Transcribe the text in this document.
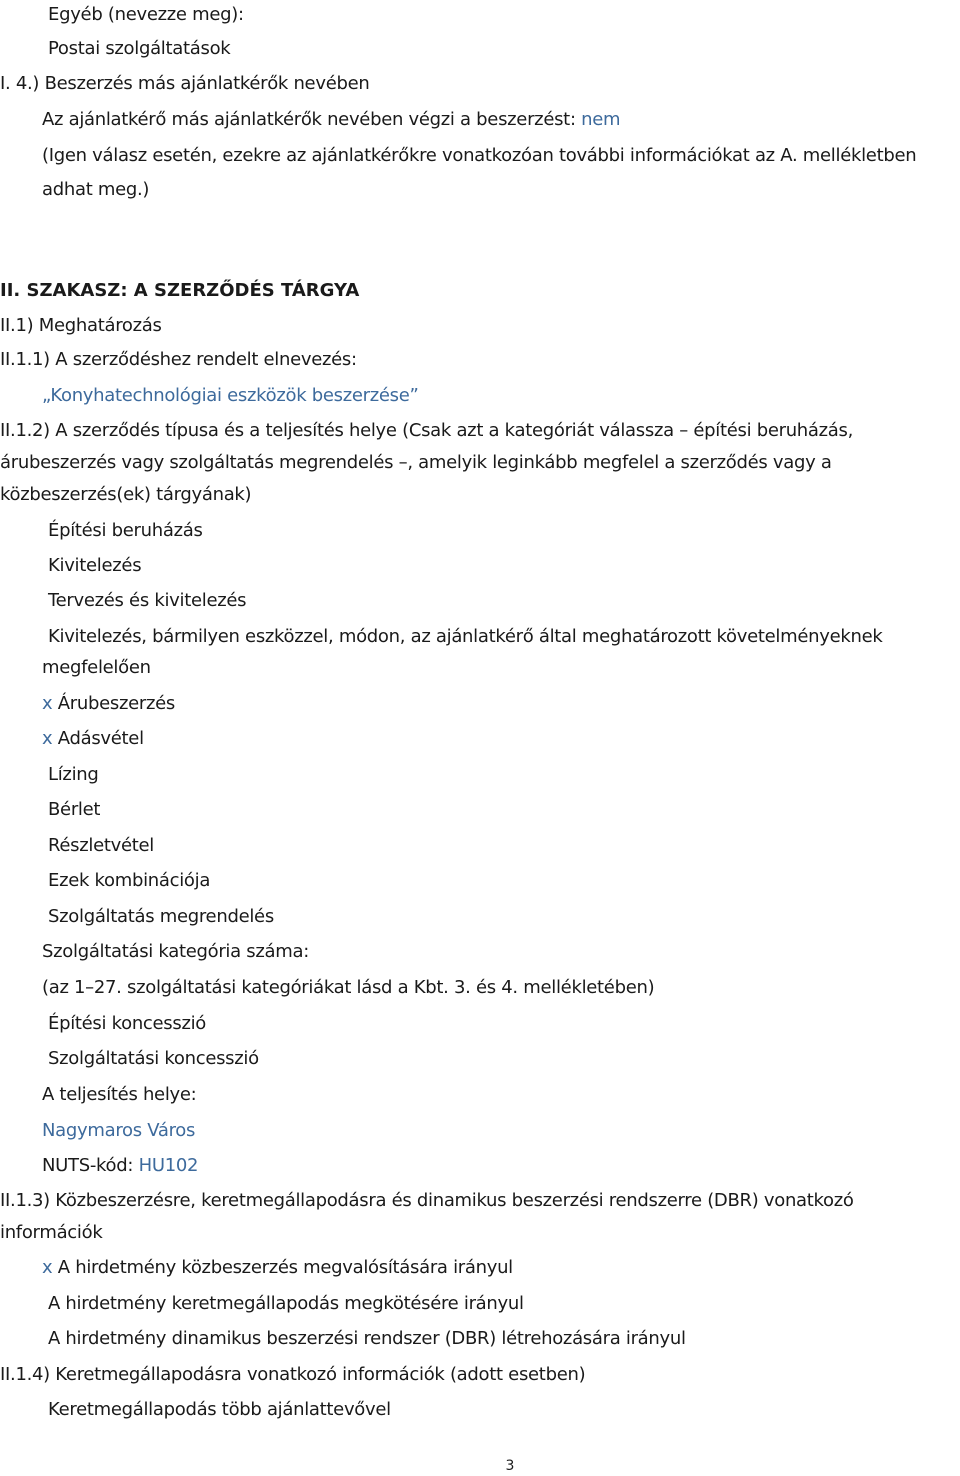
Egyéb (nevezze meg):
Postai szolgáltatások
I. 4.) Beszerzés más ajánlatkérők nevében
Az ajánlatkérő más ajánlatkérők nevében végzi a beszerzést: nem
(Igen válasz esetén, ezekre az ajánlatkérőkre vonatkozóan további információkat az A. mellékletben
adhat meg.)
II. SZAKASZ: A SZERZŐDÉS TÁRGYA
II.1) Meghatározás
II.1.1) A szerződéshez rendelt elnevezés:
„Konyhatechnológiai eszközök beszerzése”
II.1.2) A szerződés típusa és a teljesítés helye (Csak azt a kategóriát válassza – építési beruházás,
árubeszerzés vagy szolgáltatás megrendelés –, amelyik leginkább megfelel a szerződés vagy a
közbeszerzés(ek) tárgyának)
Építési beruházás
Kivitelezés
Tervezés és kivitelezés
Kivitelezés, bármilyen eszközzel, módon, az ajánlatkérő által meghatározott követelményeknek
megfelelően
x Árubeszerzés
x Adásvétel
Lízing
Bérlet
Részletvétel
Ezek kombinációja
Szolgáltatás megrendelés
Szolgáltatási kategória száma:
(az 1–27. szolgáltatási kategóriákat lásd a Kbt. 3. és 4. mellékletében)
Építési koncesszió
Szolgáltatási koncesszió
A teljesítés helye:
Nagymaros Város
NUTS-kód: HU102
II.1.3) Közbeszerzésre, keretmegállapodásra és dinamikus beszerzési rendszerre (DBR) vonatkozó
információk
x A hirdetmény közbeszerzés megvalósítására irányul
A hirdetmény keretmegállapodás megkötésére irányul
A hirdetmény dinamikus beszerzési rendszer (DBR) létrehozására irányul
II.1.4) Keretmegállapodásra vonatkozó információk (adott esetben)
Keretmegállapodás több ajánlattevővel
3
